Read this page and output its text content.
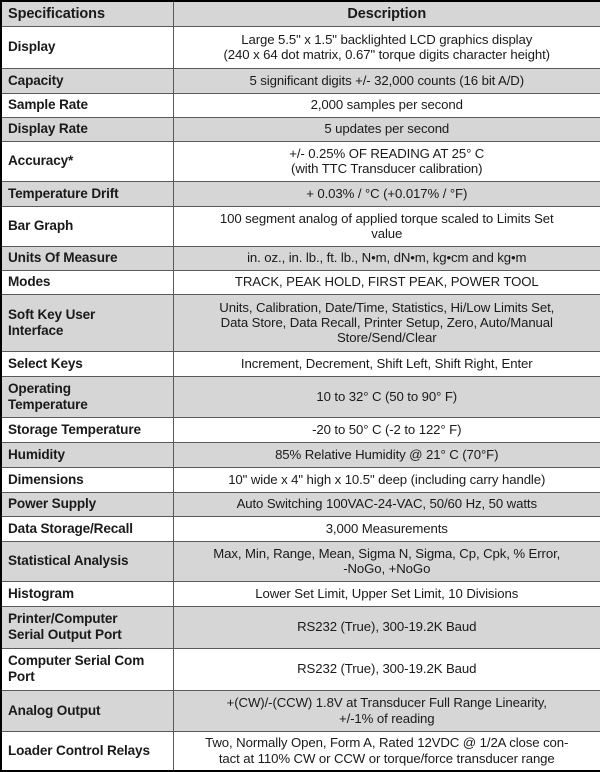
Specifications	Description

Display	Large 5.5" x 1.5" backlighted LCD graphics display
(240 x 64 dot matrix, 0.67" torque digits character height)

Capacity	5 significant digits +/- 32,000 counts (16 bit A/D)

Sample Rate	2,000 samples per second

Display Rate	5 updates per second

Accuracy*	+/- 0.25% OF READING AT 25° C
(with TTC Transducer calibration)

Temperature Drift	+ 0.03% / °C (+0.017% / °F)

Bar Graph	100 segment analog of applied torque scaled to Limits Set
value

Units Of Measure	in. oz., in. lb., ft. lb., N•m, dN•m, kg•cm and kg•m

Modes	TRACK, PEAK HOLD, FIRST PEAK, POWER TOOL

Soft Key User
Interface	Units, Calibration, Date/Time, Statistics, Hi/Low Limits Set,
Data Store, Data Recall, Printer Setup, Zero, Auto/Manual
Store/Send/Clear

Select Keys	Increment, Decrement, Shift Left, Shift Right, Enter

Operating
Temperature	10 to 32° C (50 to 90° F)

Storage Temperature	-20 to 50° C (-2 to 122° F)

Humidity	85% Relative Humidity @ 21° C (70°F)

Dimensions	10" wide x 4" high x 10.5" deep (including carry handle)

Power Supply	Auto Switching 100VAC-24-VAC, 50/60 Hz, 50 watts

Data Storage/Recall	3,000 Measurements

Statistical Analysis	Max, Min, Range, Mean, Sigma N, Sigma, Cp, Cpk, % Error,
-NoGo, +NoGo

Histogram	Lower Set Limit, Upper Set Limit, 10 Divisions

Printer/Computer
Serial Output Port	RS232 (True), 300-19.2K Baud

Computer Serial Com
Port	RS232 (True), 300-19.2K Baud

Analog Output	+(CW)/-(CCW) 1.8V at Transducer Full Range Linearity,
+/-1% of reading

Loader Control Relays	Two, Normally Open, Form A, Rated 12VDC @ 1/2A close con-
tact at 110% CW or CCW or torque/force transducer range
